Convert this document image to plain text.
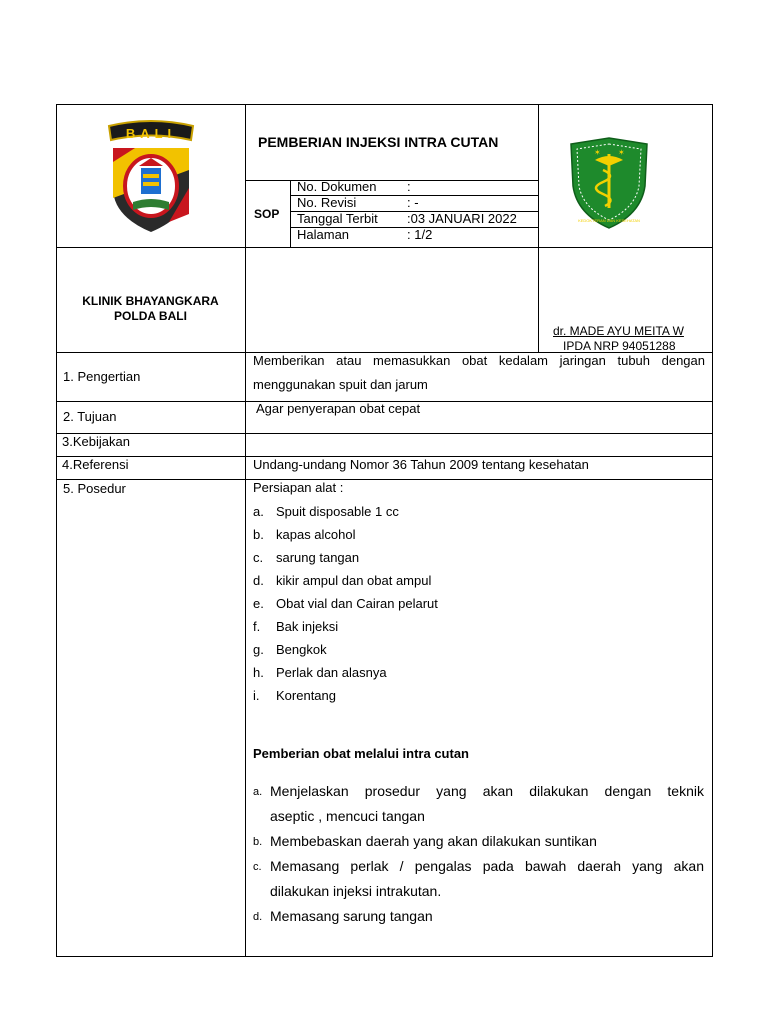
BALI
PEMBERIAN INJEKSI INTRA CUTAN
SOP
No. Dokumen :
No. Revisi	: -
Tanggal Terbit :03 JANUARI 2022
Halaman	: 1/2
✶ ✶
KEDOKTERAN DAN KESEHATAN
KLINIK BHAYANGKARA
POLDA BALI
dr. MADE AYU MEITA W
IPDA NRP 94051288
1. Pengertian
Memberikan atau memasukkan obat kedalam jaringan tubuh dengan
menggunakan spuit dan jarum
2. Tujuan
Agar penyerapan obat cepat
3.Kebijakan
4.Referensi	Undang-undang Nomor 36 Tahun 2009 tentang kesehatan
5. Posedur	Persiapan alat :
a. Spuit disposable 1 cc
b. kapas alcohol
c. sarung tangan
d. kikir ampul dan obat ampul
e. Obat vial dan Cairan pelarut
f. Bak injeksi
g. Bengkok
h. Perlak dan alasnya
i. Korentang
Pemberian obat melalui intra cutan
a. Menjelaskan prosedur yang akan dilakukan dengan teknik
aseptic , mencuci tangan
b. Membebaskan daerah yang akan dilakukan suntikan
c. Memasang perlak / pengalas pada bawah daerah yang akan
dilakukan injeksi intrakutan.
d. Memasang sarung tangan
